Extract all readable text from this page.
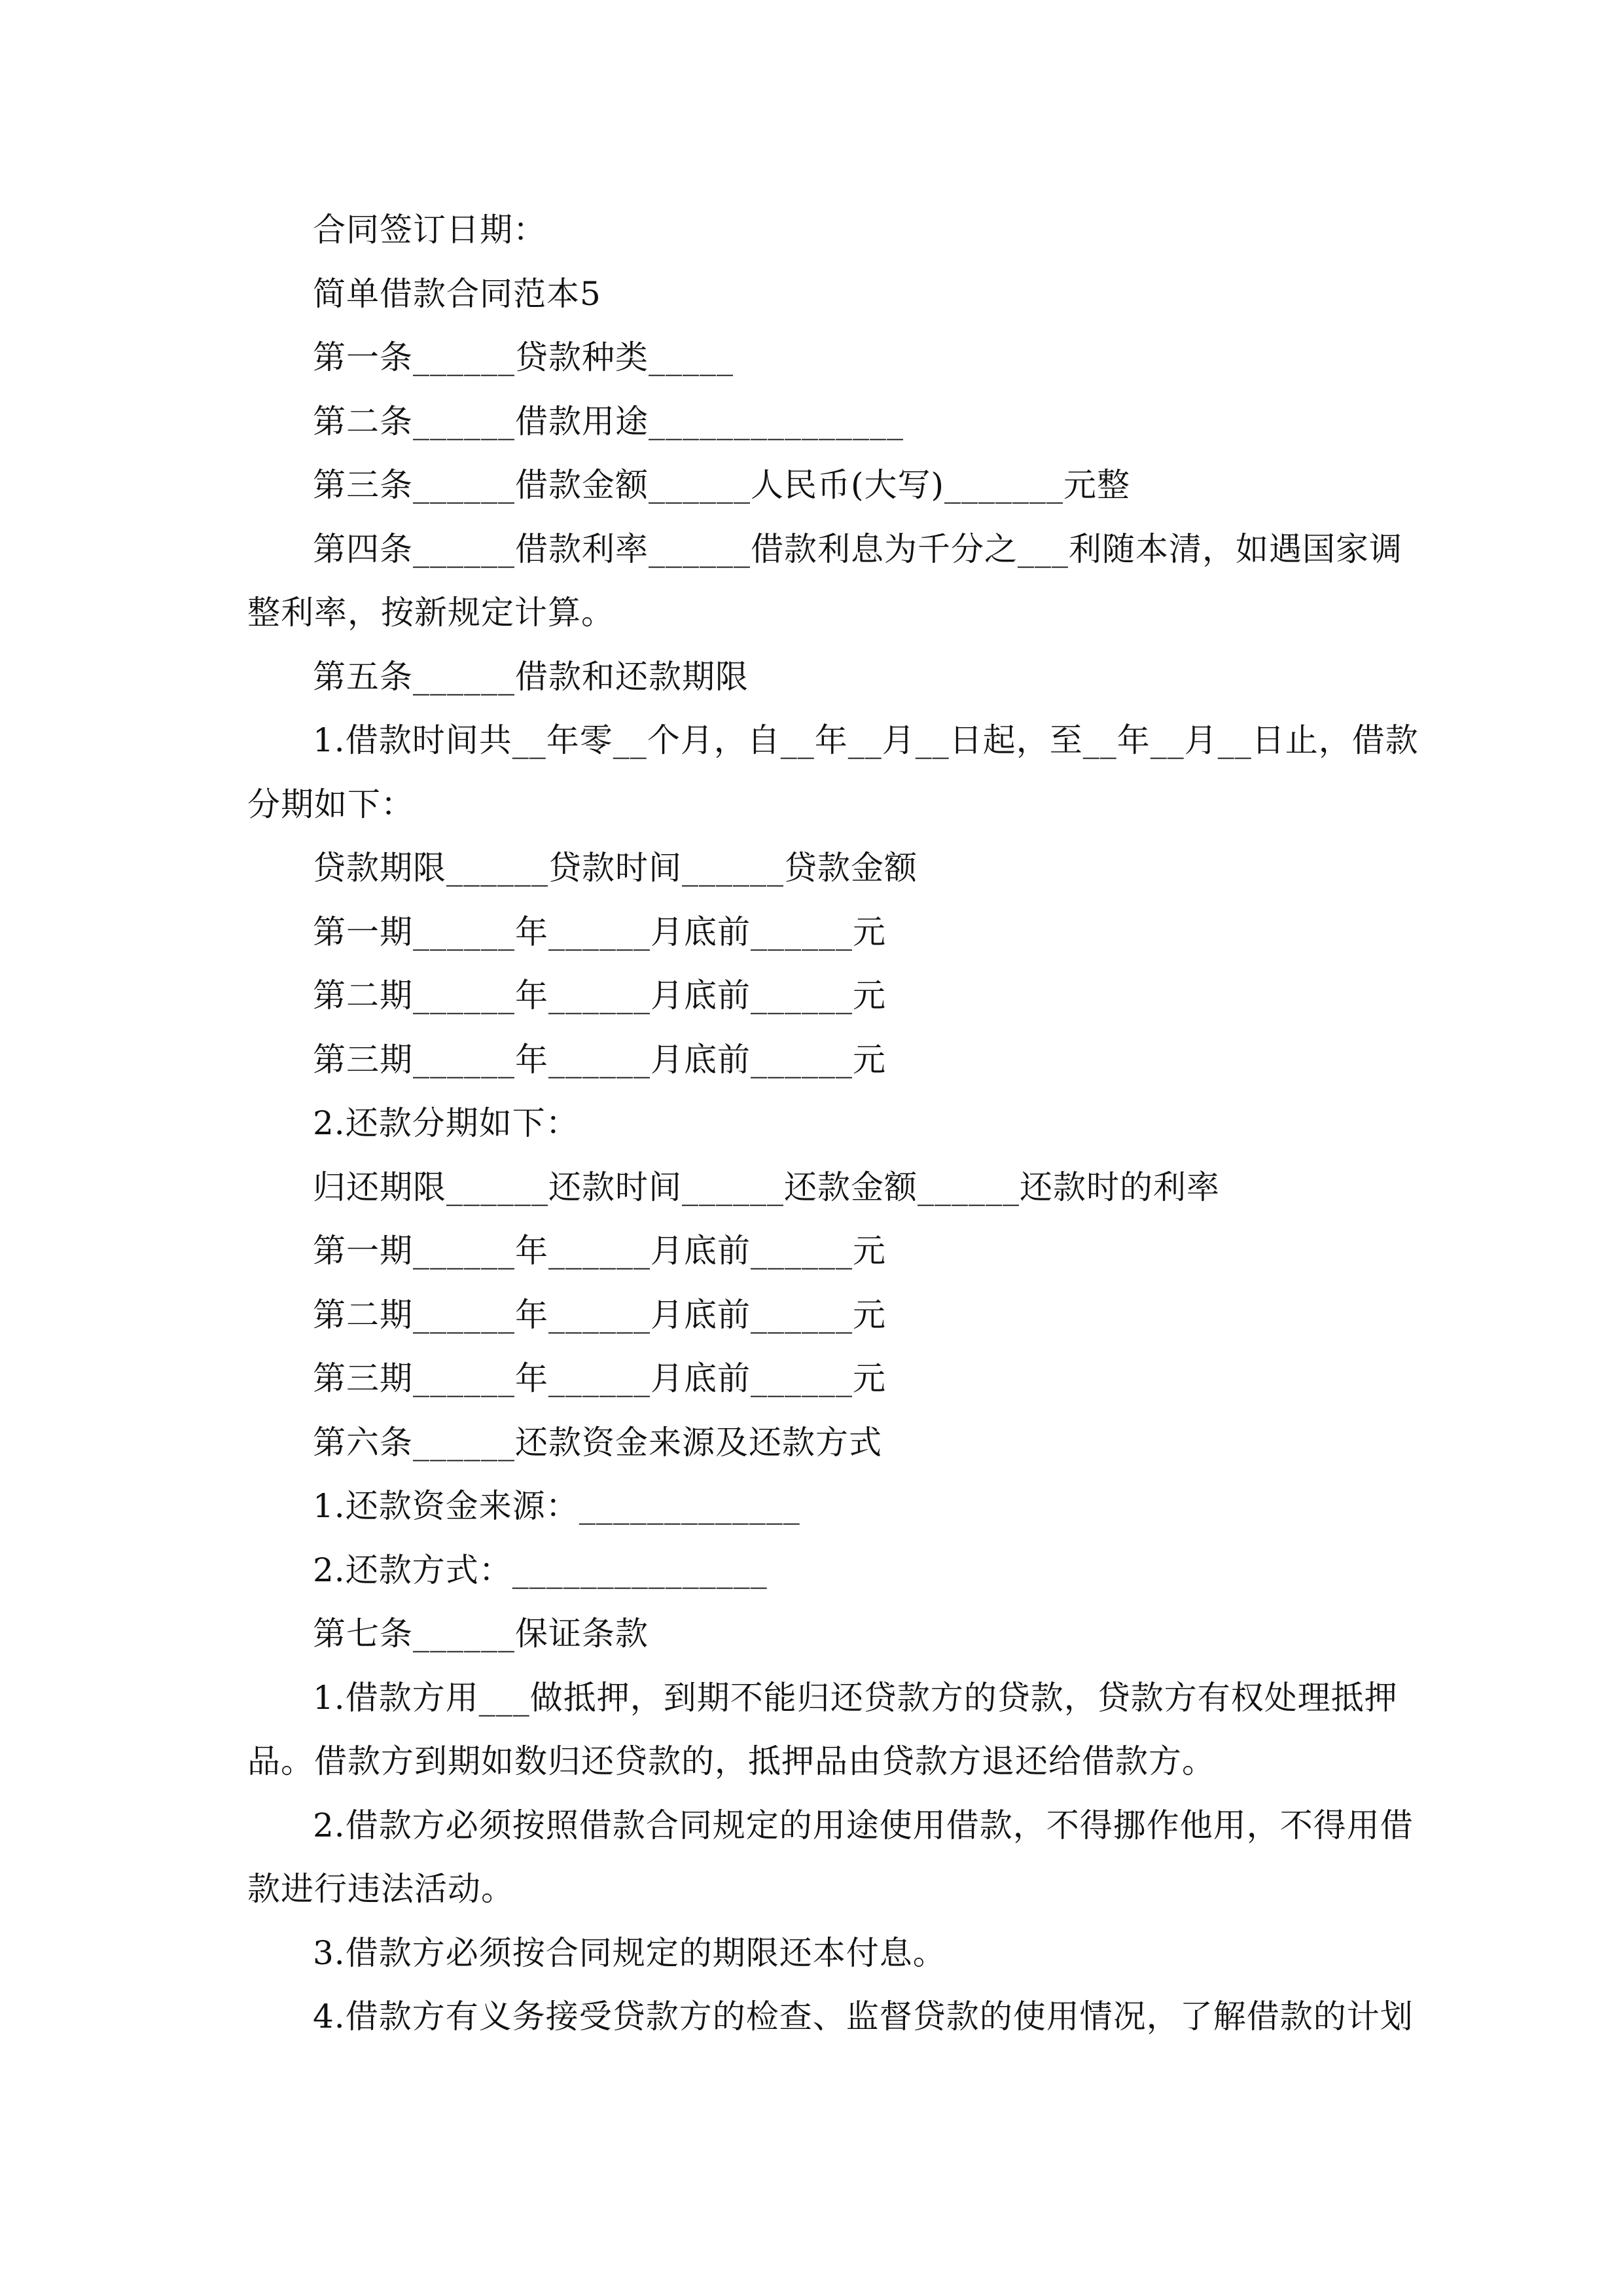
合同签订日期：
简单借款合同范本5
第一条______贷款种类_____
第二条______借款用途_______________
第三条______借款金额______人民币(大写)_______元整
第四条______借款利率______借款利息为千分之___利随本清，如遇国家调
整利率，按新规定计算。
第五条______借款和还款期限
1.借款时间共__年零__个月，自__年__月__日起，至__年__月__日止，借款
分期如下：
贷款期限______贷款时间______贷款金额
第一期______年______月底前______元
第二期______年______月底前______元
第三期______年______月底前______元
2.还款分期如下：
归还期限______还款时间______还款金额______还款时的利率
第一期______年______月底前______元
第二期______年______月底前______元
第三期______年______月底前______元
第六条______还款资金来源及还款方式
1.还款资金来源：_____________
2.还款方式：_______________
第七条______保证条款
1.借款方用___做抵押，到期不能归还贷款方的贷款，贷款方有权处理抵押
品。借款方到期如数归还贷款的，抵押品由贷款方退还给借款方。
2.借款方必须按照借款合同规定的用途使用借款，不得挪作他用，不得用借
款进行违法活动。
3.借款方必须按合同规定的期限还本付息。
4.借款方有义务接受贷款方的检查、监督贷款的使用情况，了解借款的计划
